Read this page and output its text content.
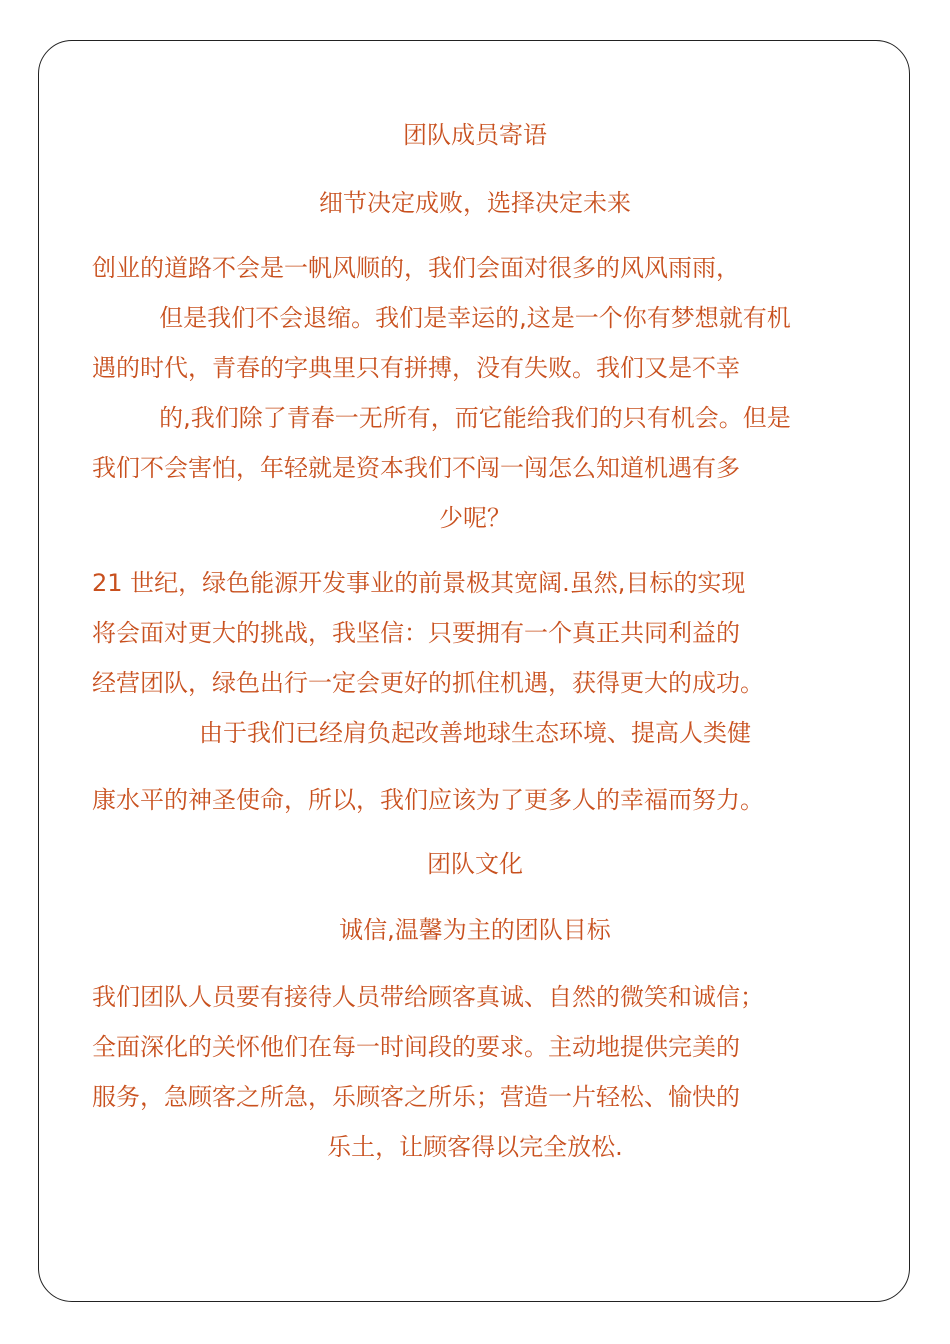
团队成员寄语
细节决定成败，选择决定未来
创业的道路不会是一帆风顺的，我们会面对很多的风风雨雨，
但是我们不会退缩。我们是幸运的,这是一个你有梦想就有机
遇的时代，青春的字典里只有拼搏，没有失败。我们又是不幸
的,我们除了青春一无所有，而它能给我们的只有机会。但是
我们不会害怕，年轻就是资本我们不闯一闯怎么知道机遇有多
少呢？
21 世纪，绿色能源开发事业的前景极其宽阔.虽然,目标的实现
将会面对更大的挑战，我坚信：只要拥有一个真正共同利益的
经营团队，绿色出行一定会更好的抓住机遇，获得更大的成功。
由于我们已经肩负起改善地球生态环境、提高人类健
康水平的神圣使命，所以，我们应该为了更多人的幸福而努力。
团队文化
诚信,温馨为主的团队目标
我们团队人员要有接待人员带给顾客真诚、自然的微笑和诚信；
全面深化的关怀他们在每一时间段的要求。主动地提供完美的
服务，急顾客之所急，乐顾客之所乐；营造一片轻松、愉快的
乐土，让顾客得以完全放松.
